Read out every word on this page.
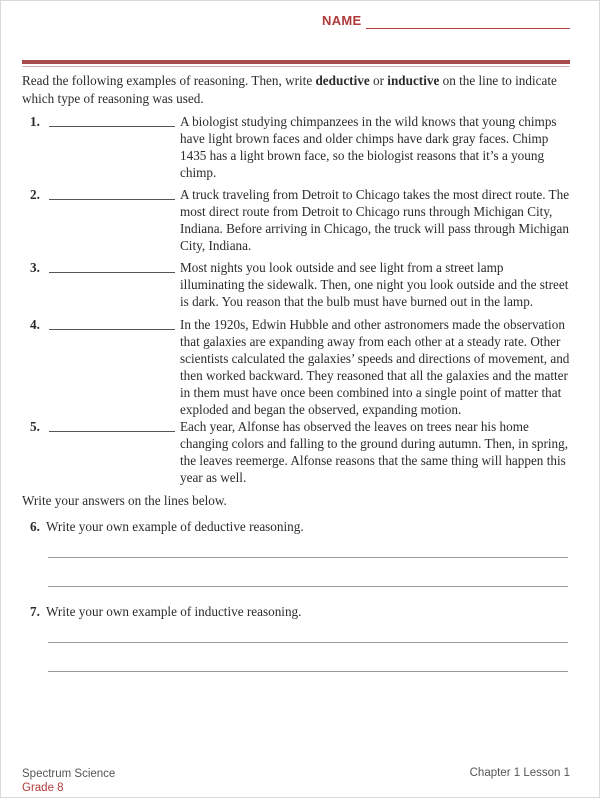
NAME
Read the following examples of reasoning. Then, write deductive or inductive on the line to indicate which type of reasoning was used.
1.	A biologist studying chimpanzees in the wild knows that young chimps have light brown faces and older chimps have dark gray faces. Chimp 1435 has a light brown face, so the biologist reasons that it’s a young chimp.
2.	A truck traveling from Detroit to Chicago takes the most direct route. The most direct route from Detroit to Chicago runs through Michigan City, Indiana. Before arriving in Chicago, the truck will pass through Michigan City, Indiana.
3.	Most nights you look outside and see light from a street lamp illuminating the sidewalk. Then, one night you look outside and the street is dark. You reason that the bulb must have burned out in the lamp.
4.	In the 1920s, Edwin Hubble and other astronomers made the observation that galaxies are expanding away from each other at a steady rate. Other scientists calculated the galaxies’ speeds and directions of movement, and then worked backward. They reasoned that all the galaxies and the matter in them must have once been combined into a single point of matter that exploded and began the observed, expanding motion.
5.	Each year, Alfonse has observed the leaves on trees near his home changing colors and falling to the ground during autumn. Then, in spring, the leaves reemerge. Alfonse reasons that the same thing will happen this year as well.
Write your answers on the lines below.
6. Write your own example of deductive reasoning.
7. Write your own example of inductive reasoning.
Spectrum Science
Grade 8
Chapter 1 Lesson 1
